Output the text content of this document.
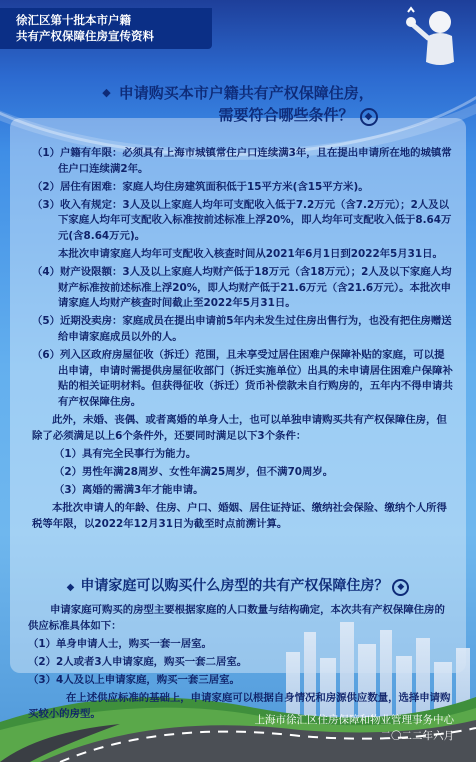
徐汇区第十批本市户籍
共有产权保障住房宣传资料
◆ 申请购买本市户籍共有产权保障住房，
需要符合哪些条件？ ◆
（1）户籍有年限：必须具有上海市城镇常住户口连续满3年，且在提出申请所在地的城镇常住户口连续满2年。
（2）居住有困难：家庭人均住房建筑面积低于15平方米(含15平方米)。
（3）收入有规定：3人及以上家庭人均年可支配收入低于7.2万元（含7.2万元）；2人及以下家庭人均年可支配收入标准按前述标准上浮20%，即人均年可支配收入低于8.64万元(含8.64万元)。
本批次申请家庭人均年可支配收入核查时间从2021年6月1日到2022年5月31日。
（4）财产设限额：3人及以上家庭人均财产低于18万元（含18万元）；2人及以下家庭人均财产标准按前述标准上浮20%，即人均财产低于21.6万元（含21.6万元）。本批次申请家庭人均财产核查时间截止至2022年5月31日。
（5）近期没卖房：家庭成员在提出申请前5年内未发生过住房出售行为，也没有把住房赠送给申请家庭成员以外的人。
（6）列入区政府房屋征收（拆迁）范围，且未享受过居住困难户保障补贴的家庭，可以提出申请，申请时需提供房屋征收部门（拆迁实施单位）出具的未申请居住困难户保障补贴的相关证明材料。但获得征收（拆迁）货币补偿款未自行购房的，五年内不得申请共有产权保障住房。
此外，未婚、丧偶、或者离婚的单身人士，也可以单独申请购买共有产权保障住房，但除了必须满足以上6个条件外，还要同时满足以下3个条件：
（1）具有完全民事行为能力。
（2）男性年满28周岁、女性年满25周岁，但不满70周岁。
（3）离婚的需满3年才能申请。
本批次申请人的年龄、住房、户口、婚姻、居住证持证、缴纳社会保险、缴纳个人所得税等年限，以2022年12月31日为截至时点前溯计算。
◆ 申请家庭可以购买什么房型的共有产权保障住房？ ◆
申请家庭可购买的房型主要根据家庭的人口数量与结构确定，本次共有产权保障住房的供应标准具体如下：
（1）单身申请人士，购买一套一居室。
（2）2人或者3人申请家庭，购买一套二居室。
（3）4人及以上申请家庭，购买一套三居室。
在上述供应标准的基础上，申请家庭可以根据自身情况和房源供应数量，选择申请购买较小的房型。
上海市徐汇区住房保障和物业管理事务中心
二〇二二年六月
